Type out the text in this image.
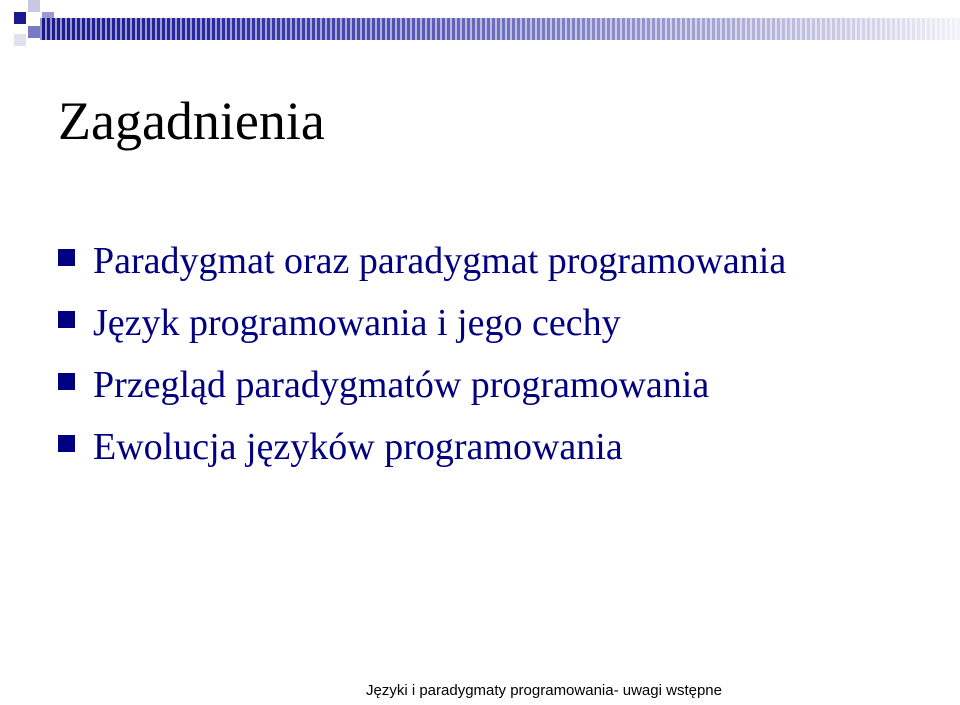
Zagadnienia
Paradygmat oraz paradygmat programowania
Język programowania i jego cechy
Przegląd paradygmatów programowania
Ewolucja języków programowania
Języki i paradygmaty programowania- uwagi wstępne
